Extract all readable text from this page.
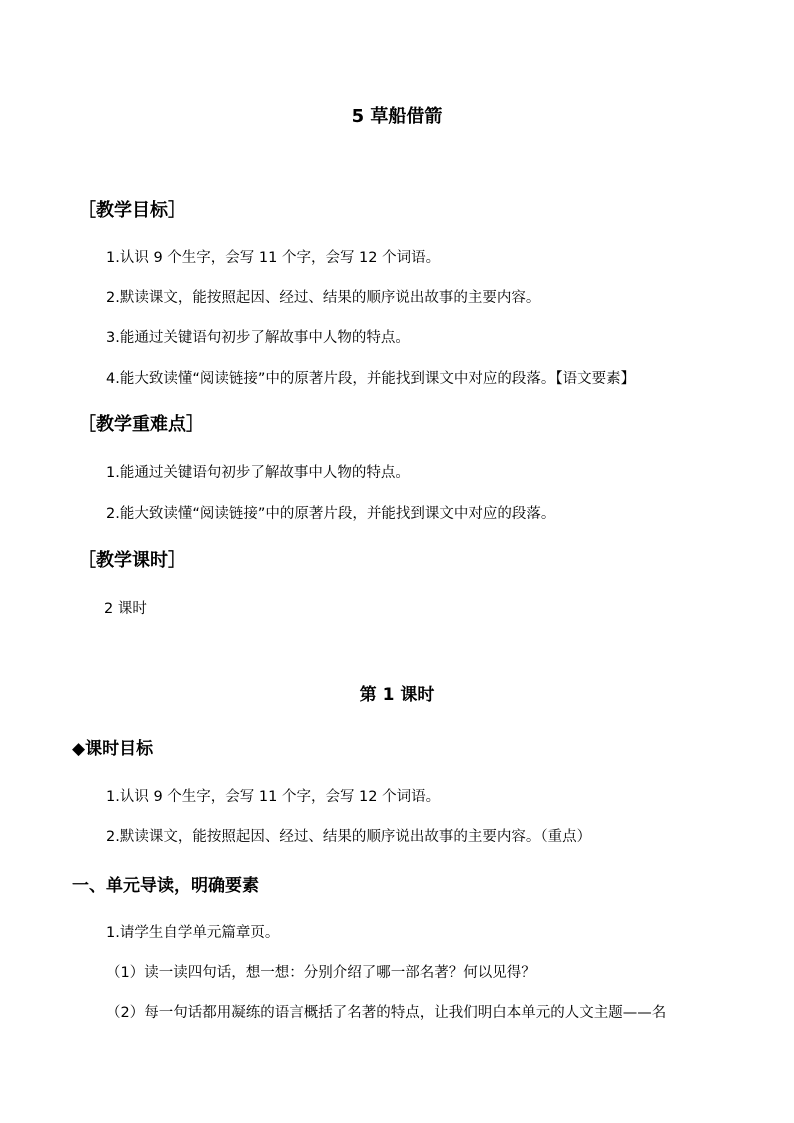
5 草船借箭
［教学目标］
1.认识 9 个生字，会写 11 个字，会写 12 个词语。
2.默读课文，能按照起因、经过、结果的顺序说出故事的主要内容。
3.能通过关键语句初步了解故事中人物的特点。
4.能大致读懂“阅读链接”中的原著片段，并能找到课文中对应的段落。【语文要素】
［教学重难点］
1.能通过关键语句初步了解故事中人物的特点。
2.能大致读懂“阅读链接”中的原著片段，并能找到课文中对应的段落。
［教学课时］
2 课时
第 1 课时
◆课时目标
1.认识 9 个生字，会写 11 个字，会写 12 个词语。
2.默读课文，能按照起因、经过、结果的顺序说出故事的主要内容。（重点）
一、单元导读，明确要素
1.请学生自学单元篇章页。
（1）读一读四句话，想一想：分别介绍了哪一部名著？何以见得？
（2）每一句话都用凝练的语言概括了名著的特点，让我们明白本单元的人文主题——名
